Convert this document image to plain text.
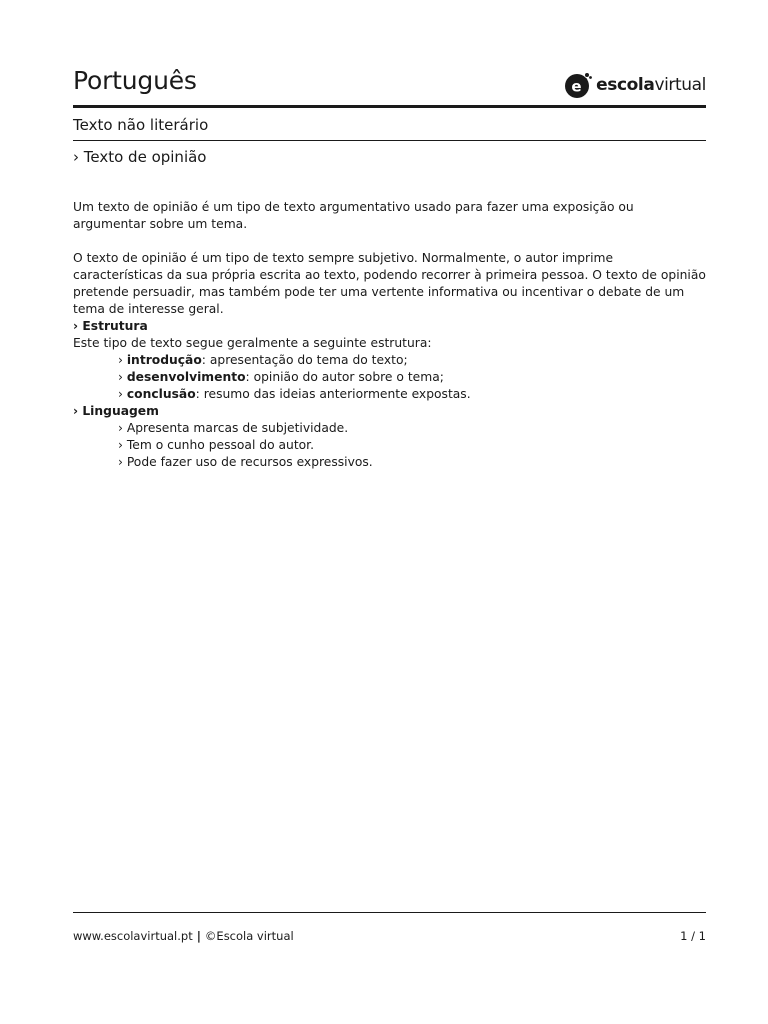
Português	e escolavirtual
Texto não literário
› Texto de opinião

Um texto de opinião é um tipo de texto argumentativo usado para fazer uma exposição ou argumentar sobre um tema.

O texto de opinião é um tipo de texto sempre subjetivo. Normalmente, o autor imprime características da sua própria escrita ao texto, podendo recorrer à primeira pessoa. O texto de opinião pretende persuadir, mas também pode ter uma vertente informativa ou incentivar o debate de um tema de interesse geral.

› Estrutura

Este tipo de texto segue geralmente a seguinte estrutura:

› introdução: apresentação do tema do texto;
› desenvolvimento: opinião do autor sobre o tema;
› conclusão: resumo das ideias anteriormente expostas.

› Linguagem

› Apresenta marcas de subjetividade.
› Tem o cunho pessoal do autor.
› Pode fazer uso de recursos expressivos.
www.escolavirtual.pt | ©Escola virtual	1 / 1
